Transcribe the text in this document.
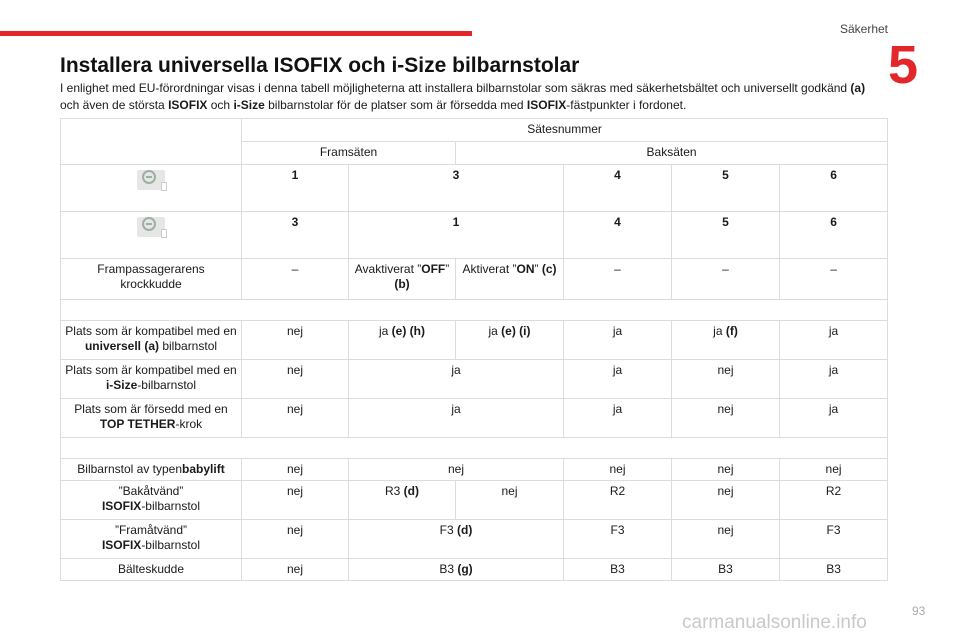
Säkerhet
5
Installera universella ISOFIX och i-Size bilbarnstolar

I enlighet med EU-förordningar visas i denna tabell möjligheterna att installera bilbarnstolar som säkras med säkerhetsbältet och universellt godkänd (a)
och även de största ISOFIX och i-Size bilbarnstolar för de platser som är försedda med ISOFIX-fästpunkter i fordonet.

	Sätesnummer					
	Framsäten		Baksäten			

	1	3		4	5	6

	3	1		4	5	6
Frampassagerarens krockkudde	–	Avaktiverat ”OFF” (b)	Aktiverat ”ON” (c)	–	–	–

Plats som är kompatibel med en universell (a) bilbarnstol	nej	ja (e) (h)	ja (e) (i)	ja	ja (f)	ja
Plats som är kompatibel med en i-Size-bilbarnstol	nej	ja		ja	nej	ja
Plats som är försedd med en TOP TETHER-krok	nej	ja		ja	nej	ja

Bilbarnstol av typenbabylift	nej	nej		nej	nej	nej
”Bakåtvänd”
ISOFIX-bilbarnstol	nej	R3 (d)	nej	R2	nej	R2
”Framåtvänd”
ISOFIX-bilbarnstol	nej	F3 (d)		F3	nej	F3
Bälteskudde	nej	B3 (g)		B3	B3	B3
carmanualsonline.info
93
